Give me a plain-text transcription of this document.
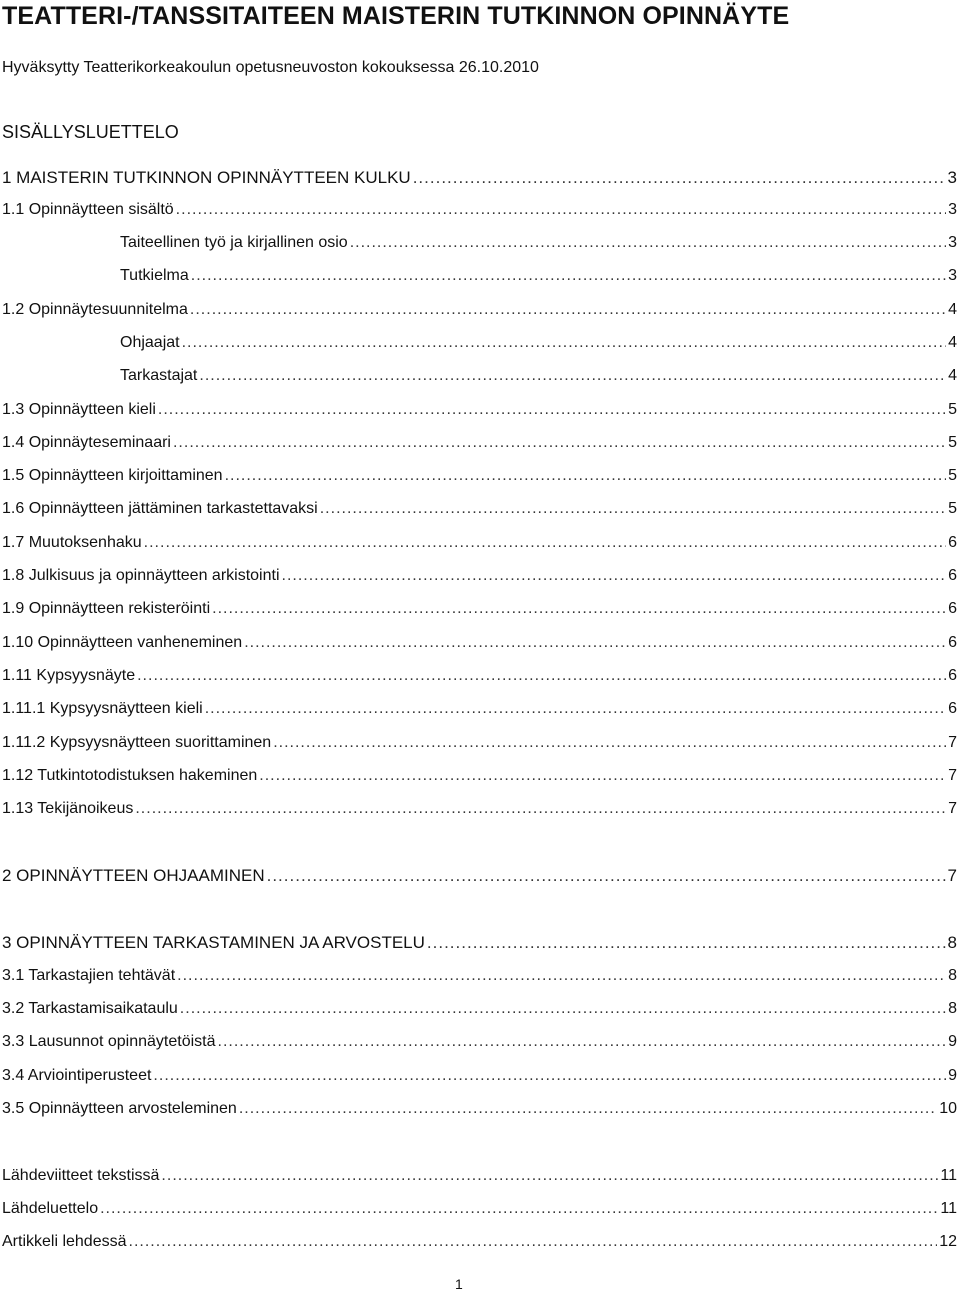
TEATTERI-/TANSSITAITEEN MAISTERIN TUTKINNON OPINNÄYTE
Hyväksytty Teatterikorkeakoulun opetusneuvoston kokouksessa 26.10.2010
SISÄLLYSLUETTELO
1 MAISTERIN TUTKINNON OPINNÄYTTEEN KULKU .....	3
1.1 Opinnäytteen sisältö .....	3
Taiteellinen työ ja kirjallinen osio .....	3
Tutkielma .....	3
1.2 Opinnäytesuunnitelma .....	4
Ohjaajat .....	4
Tarkastajat .....	4
1.3 Opinnäytteen kieli .....	5
1.4 Opinnäyteseminaari .....	5
1.5 Opinnäytteen kirjoittaminen .....	5
1.6 Opinnäytteen jättäminen tarkastettavaksi .....	5
1.7 Muutoksenhaku .....	6
1.8 Julkisuus ja opinnäytteen arkistointi .....	6
1.9 Opinnäytteen rekisteröinti .....	6
1.10 Opinnäytteen vanheneminen .....	6
1.11 Kypsyysnäyte .....	6
1.11.1 Kypsyysnäytteen kieli .....	6
1.11.2 Kypsyysnäytteen suorittaminen .....	7
1.12 Tutkintotodistuksen hakeminen .....	7
1.13 Tekijänoikeus .....	7
2 OPINNÄYTTEEN OHJAAMINEN .....	7
3 OPINNÄYTTEEN TARKASTAMINEN JA ARVOSTELU .....	8
3.1 Tarkastajien tehtävät .....	8
3.2 Tarkastamisaikataulu .....	8
3.3 Lausunnot opinnäytetöistä .....	9
3.4 Arviointiperusteet .....	9
3.5 Opinnäytteen arvosteleminen .....	10
Lähdeviitteet tekstissä .....	11
Lähdeluettelo .....	11
Artikkeli lehdessä .....	12
1
